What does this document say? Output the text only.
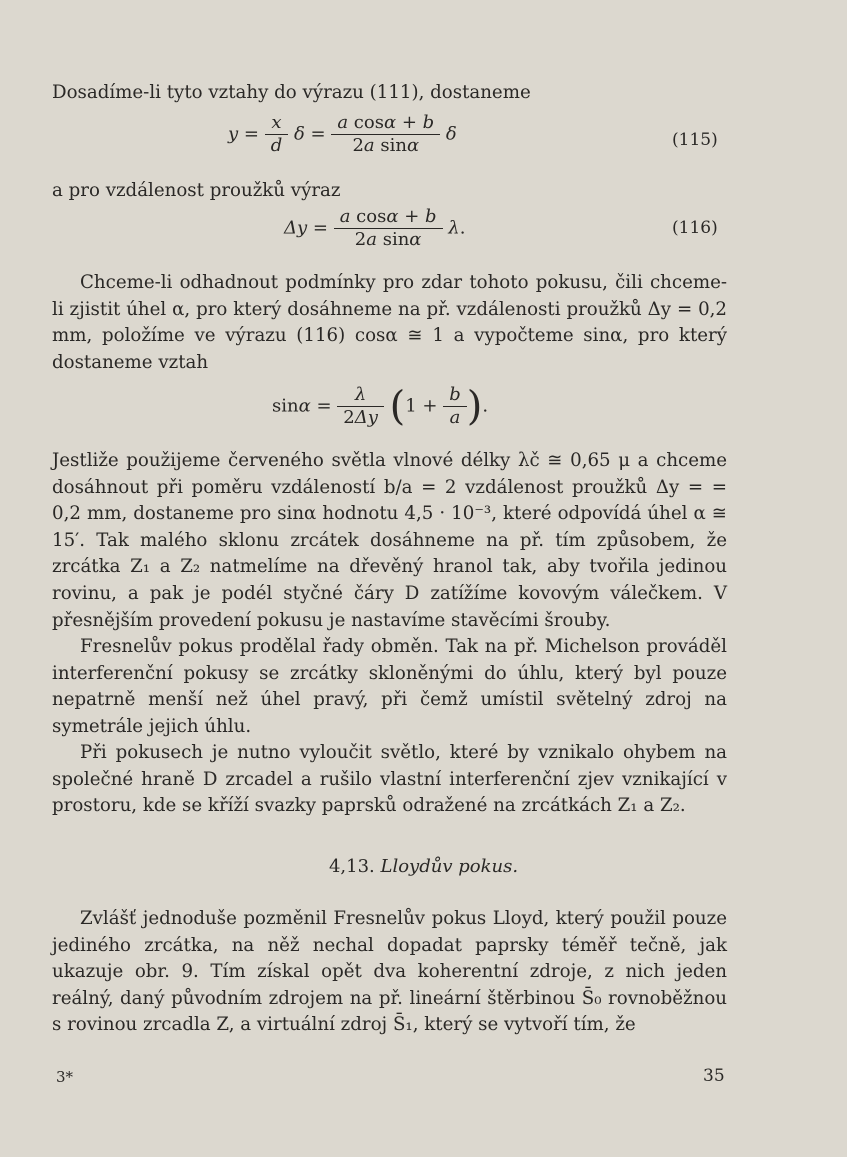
Dosadíme-li tyto vztahy do výrazu (111), dostaneme
$y = \frac{x}{d}$ $\delta = \frac{\text{a cosα + b}}{\text{2a sinα}}$ δ	(115)
a pro vzdálenost proužků výraz
$\Delta y = \frac{\text{a cosα + b}}{\text{2a sinα}} \lambda$.	(116)
Chceme-li odhadnout podmínky pro zdar tohoto pokusu, čili chceme-li zjistit úhel α, pro který dosáhneme na př. vzdálenosti proužků Δy = 0,2 mm, položíme ve výrazu (116) cosα ≅ 1 a vypočteme sinα, pro který dostaneme vztah
$\sin\alpha = \frac{\lambda}{2\Delta y} (1 + \frac{b}{a}$ ).
Jestliže použijeme červeného světla vlnové délky λč ≅ 0,65 μ a chceme dosáhnout při poměru vzdáleností b/a = 2 vzdálenost proužků Δy = = 0,2 mm, dostaneme pro sinα hodnotu 4,5 · 10⁻³, které odpovídá úhel α ≅ 15′. Tak malého sklonu zrcátek dosáhneme na př. tím způsobem, že zrcátka Z₁ a Z₂ natmelíme na dřevěný hranol tak, aby tvořila jedinou rovinu, a pak je podél styčné čáry D zatížíme kovovým válečkem. V přesnějším provedení pokusu je nastavíme stavěcími šrouby.
Fresnelův pokus prodělal řady obměn. Tak na př. Michelson prováděl interferenční pokusy se zrcátky skloněnými do úhlu, který byl pouze nepatrně menší než úhel pravý, při čemž umístil světelný zdroj na symetrále jejich úhlu.
Při pokusech je nutno vyloučit světlo, které by vznikalo ohybem na společné hraně D zrcadel a rušilo vlastní interferenční zjev vznikající v prostoru, kde se kříží svazky paprsků odražené na zrcátkách Z₁ a Z₂.
4,13. Lloydův pokus.
Zvlášť jednoduše pozměnil Fresnelův pokus Lloyd, který použil pouze jediného zrcátka, na něž nechal dopadat paprsky téměř tečně, jak ukazuje obr. 9. Tím získal opět dva koherentní zdroje, z nich jeden reálný, daný původním zdrojem na př. lineární štěrbinou S̄₀ rovnoběžnou s rovinou zrcadla Z, a virtuální zdroj S̄₁, který se vytvoří tím, že
3*	35
